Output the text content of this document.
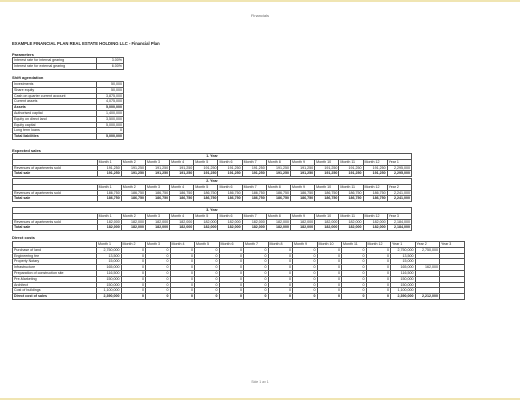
Financials
EXAMPLE FINANCIAL PLAN REAL ESTATE HOLDING LLC - Financial Plan
Parameters
Interest rate for internal gearing	3.00%
Interest rate for external gearing	6.00%
Shift agendation
Investments	50,000
Share equity	50,000
Cash on quarter current account	3,875,000
Current assets	4,075,000
Assets	5,000,000
Authorised capital	1,400,000
Equity on direct land	3,500,000
Equity capital	5,000,000
Long term loans	0
Total liabilities	5,000,000
Expected sales
1. Year													
	Month 1	Month 2	Month 3	Month 4	Month 5	Month 6	Month 7	Month 8	Month 9	Month 10	Month 11	Month 12	Year 1
Revenues of apartments sold	191,250	191,250	191,250	191,250	191,250	191,250	191,250	191,250	191,250	191,250	191,250	191,250	2,295,000
Total sale	191,250	191,250	191,250	191,250	191,250	191,250	191,250	191,250	191,250	191,250	191,250	191,250	2,295,000
2. Year													
	Month 1	Month 2	Month 3	Month 4	Month 5	Month 6	Month 7	Month 8	Month 9	Month 10	Month 11	Month 12	Year 2
Revenues of apartments sold	186,750	186,750	186,750	186,750	186,750	186,750	186,750	186,750	186,750	186,750	186,750	186,750	2,241,000
Total sale	186,750	186,750	186,750	186,750	186,750	186,750	186,750	186,750	186,750	186,750	186,750	186,750	2,241,000
3. Year													
	Month 1	Month 2	Month 3	Month 4	Month 5	Month 6	Month 7	Month 8	Month 9	Month 10	Month 11	Month 12	Year 3
Revenues of apartments sold	182,000	182,000	182,000	182,000	182,000	182,000	182,000	182,000	182,000	182,000	182,000	182,000	2,184,000
Total sale	182,000	182,000	182,000	182,000	182,000	182,000	182,000	182,000	182,000	182,000	182,000	182,000	2,184,000
Direct costs
	Month 1	Month 2	Month 3	Month 4	Month 5	Month 6	Month 7	Month 8	Month 9	Month 10	Month 11	Month 12	Year 1	Year 2	Year 3
Purchase of land	2,750,000	0	0	0	0	0	0	0	0	0	0	0	2,750,000	2,750,000	
Engineering fee	13,500	0	0	0	0	0	0	0	0	0	0	0	13,500		
Property Notary	15,000	0	0	0	0	0	0	0	0	0	0	0	15,000		
Infrastructure	165,000	0	0	0	0	0	0	0	0	0	0	0	165,000	162,000	
Preparation of construction site	116,500	0	0	0	0	0	0	0	0	0	0	0	116,500		
Pre-Marketing	150,000	0	0	0	0	0	0	0	0	0	0	0	150,000		
Architect	150,000	0	0	0	0	0	0	0	0	0	0	0	150,000		
Cost of buildings	1,100,000	0	0	0	0	0	0	0	0	0	0	0	1,100,000		
Direct cost of sales	2,390,000	0	0	0	0	0	0	0	0	0	0	0	2,390,000	2,212,000	
Side 1 av 1
